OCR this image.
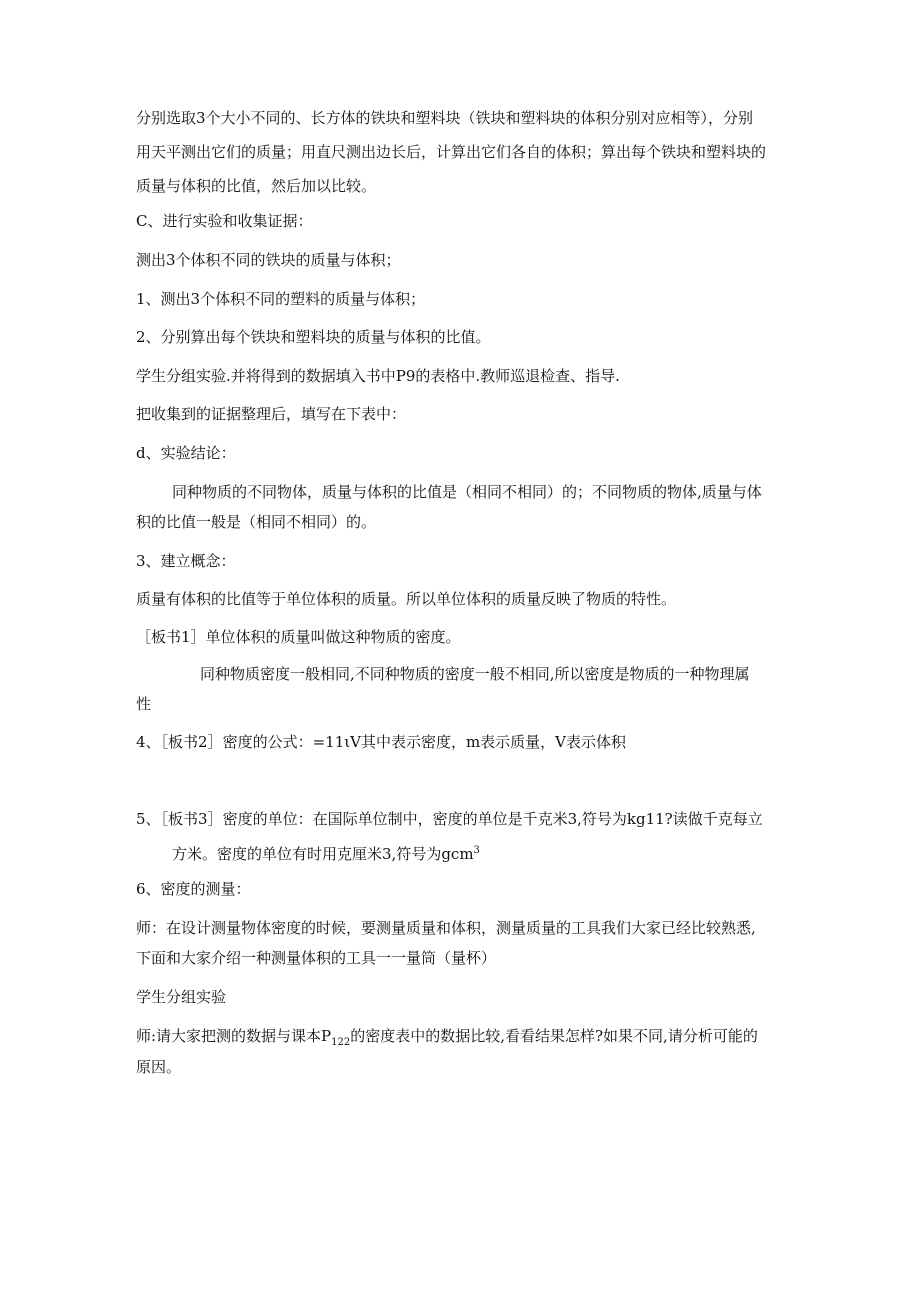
分别选取3个大小不同的、长方体的铁块和塑料块（铁块和塑料块的体积分别对应相等），分别

用天平测出它们的质量；用直尺测出边长后，计算出它们各自的体积；算出每个铁块和塑料块的

质量与体积的比值，然后加以比较。

C、进行实验和收集证据：

测出3个体积不同的铁块的质量与体积；

1、测出3个体积不同的塑料的质量与体积；

2、分别算出每个铁块和塑料块的质量与体积的比值。

学生分组实验.并将得到的数据填入书中P9的表格中.教师巡退检查、指导.

把收集到的证据整理后，填写在下表中：

d、实验结论：

同种物质的不同物体，质量与体积的比值是（相同不相同）的；不同物质的物体,质量与体

积的比值一般是（相同不相同）的。

3、建立概念：

质量有体积的比值等于单位体积的质量。所以单位体积的质量反映了物质的特性。

［板书1］单位体积的质量叫做这种物质的密度。

同种物质密度一般相同,不同种物质的密度一般不相同,所以密度是物质的一种物理属

性

4、［板书2］密度的公式：=11ιV其中表示密度，m表示质量，V表示体积

5、［板书3］密度的单位：在国际单位制中，密度的单位是千克米3,符号为kg11?读做千克每立

方米。密度的单位有时用克厘米3,符号为gcm$^3$

6、密度的测量：

师：在设计测量物体密度的时候，要测量质量和体积，测量质量的工具我们大家已经比较熟悉,

下面和大家介绍一种测量体积的工具一一量筒（量杯）

学生分组实验

师:请大家把测的数据与课本$P_{122}$的密度表中的数据比较,看看结果怎样?如果不同,请分析可能的

原因。
